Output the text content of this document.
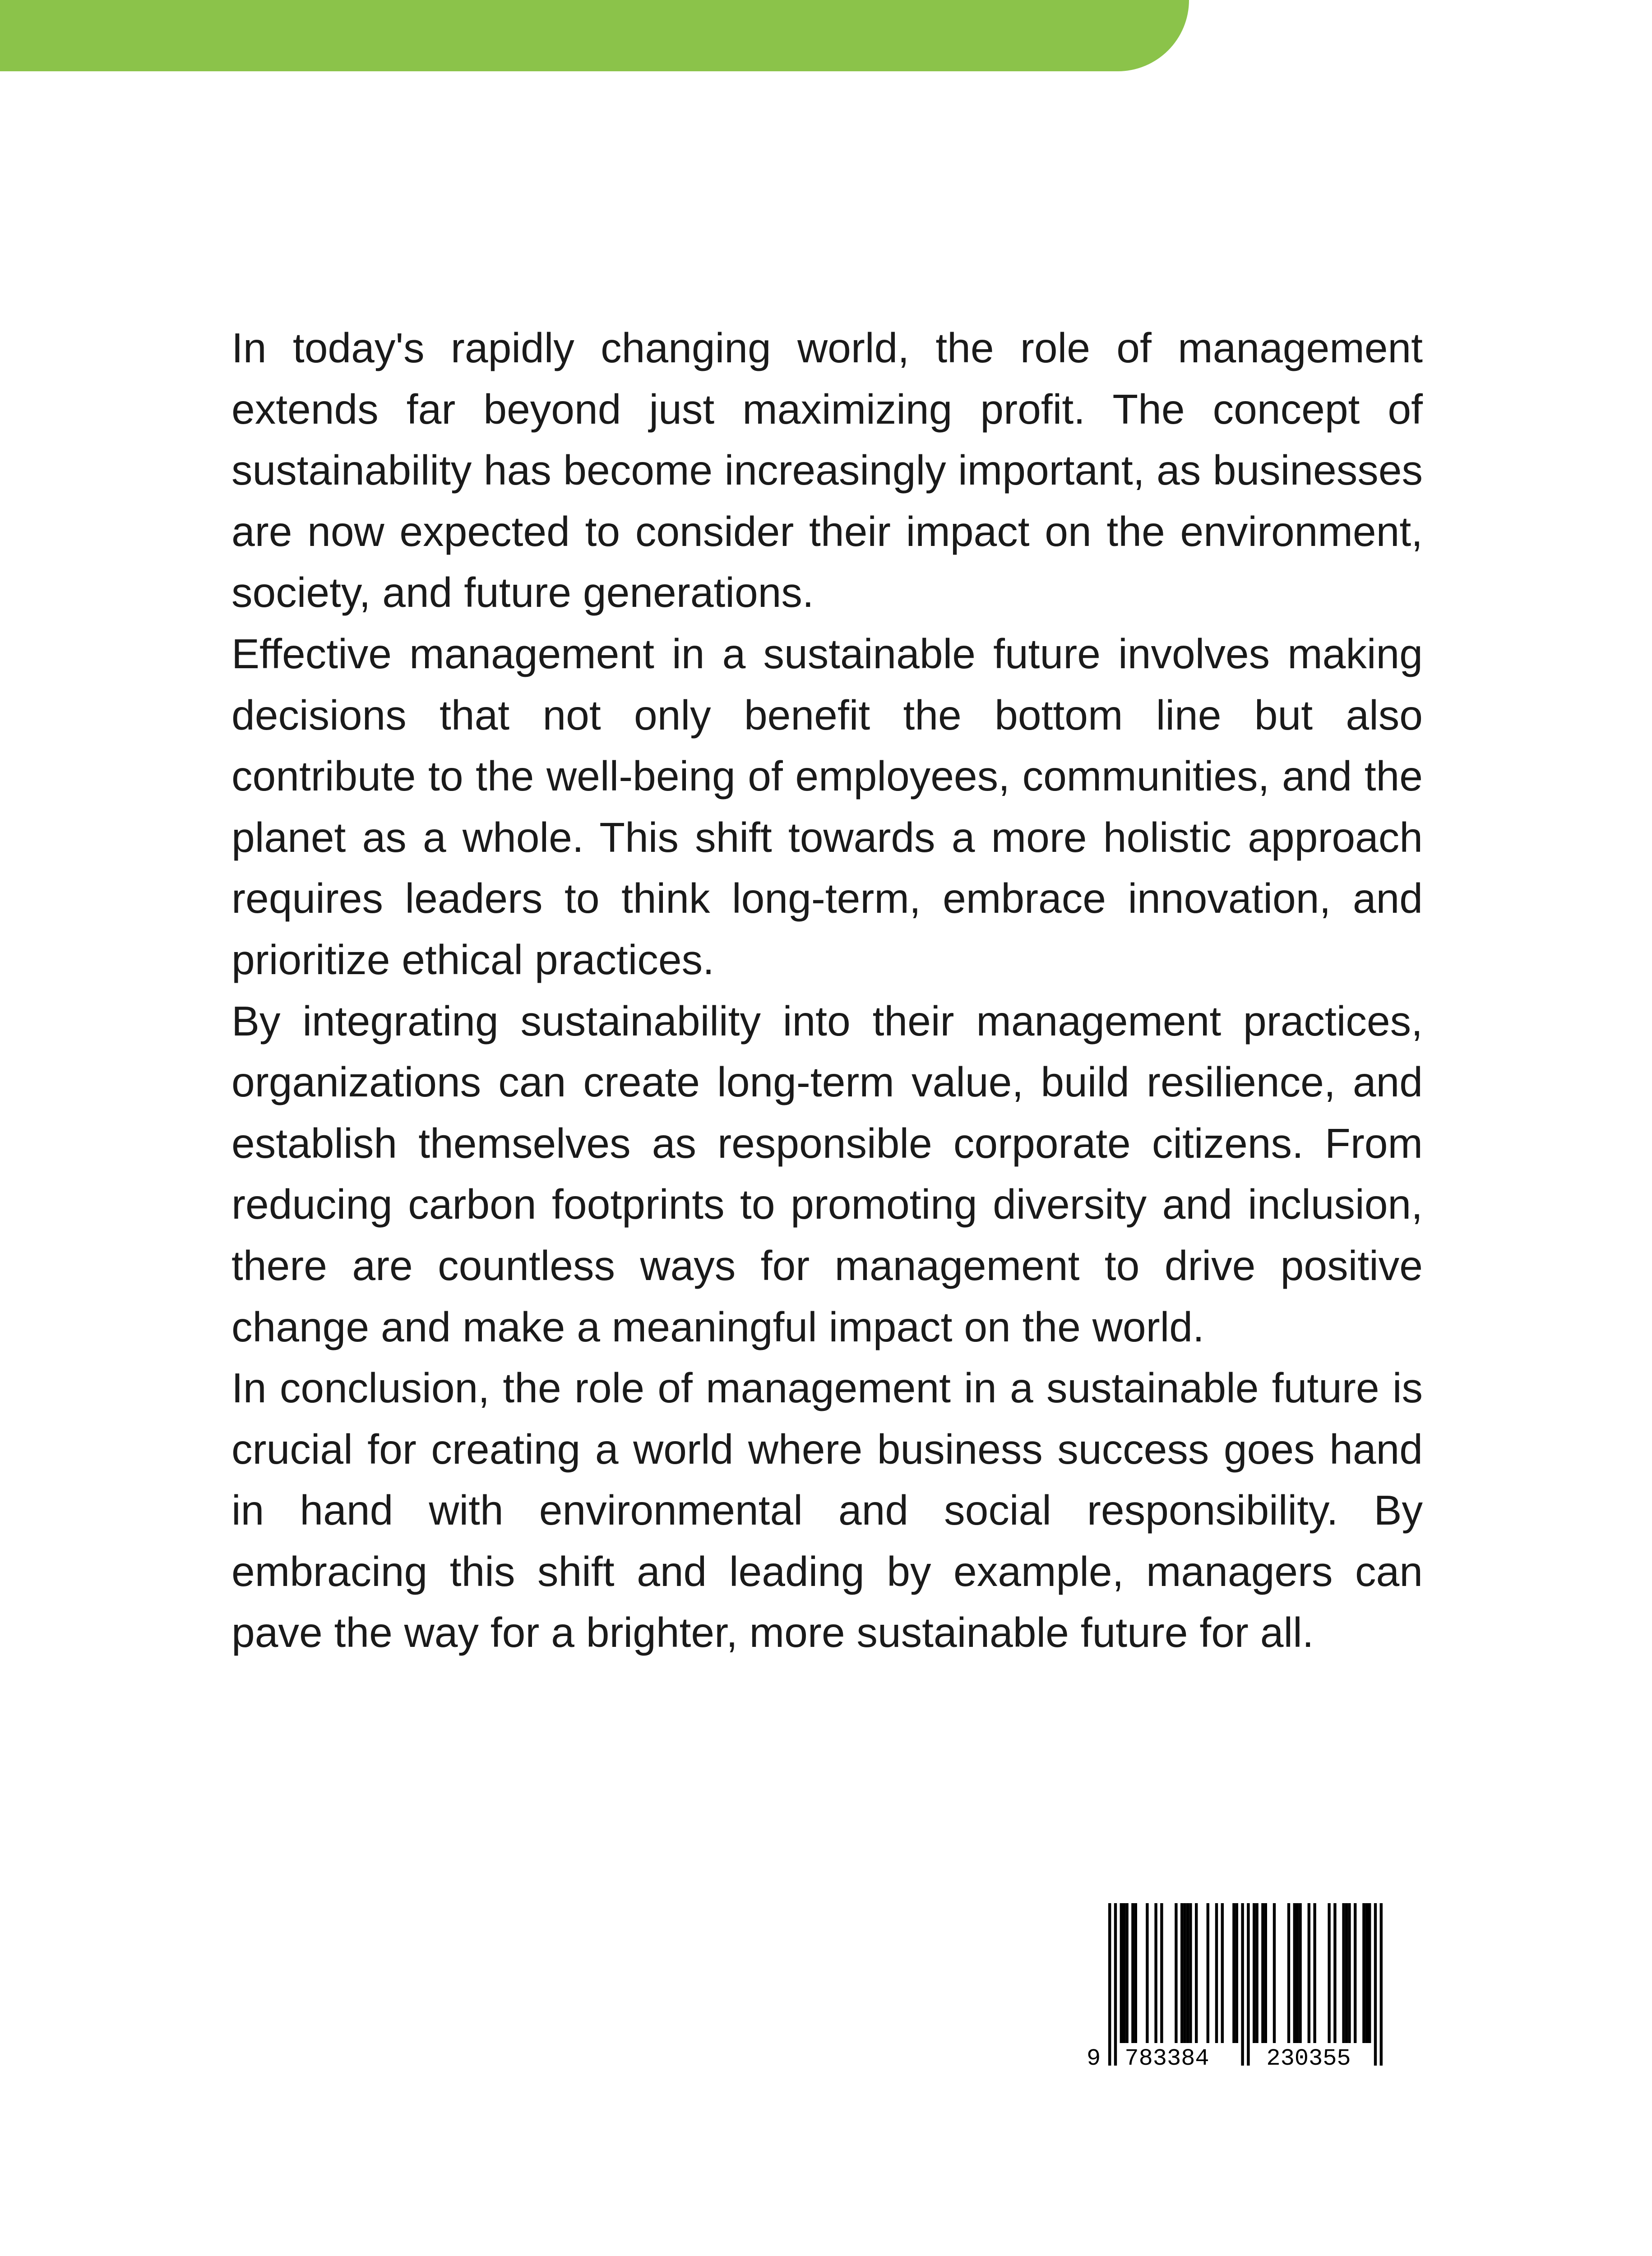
In today's rapidly changing world, the role of management extends far beyond just maximizing profit. The concept of sustainability has become increasingly important, as businesses are now expected to consider their impact on the environment, society, and future generations.

Effective management in a sustainable future involves making decisions that not only benefit the bottom line but also contribute to the well-being of employees, communities, and the planet as a whole. This shift towards a more holistic approach requires leaders to think long-term, embrace innovation, and prioritize ethical practices.

By integrating sustainability into their management practices, organizations can create long-term value, build resilience, and establish themselves as responsible corporate citizens. From reducing carbon footprints to promoting diversity and inclusion, there are countless ways for management to drive positive change and make a meaningful impact on the world.

In conclusion, the role of management in a sustainable future is crucial for creating a world where business success goes hand in hand with environmental and social responsibility. By embracing this shift and leading by example, managers can pave the way for a brighter, more sustainable future for all.

9 783384 230355
